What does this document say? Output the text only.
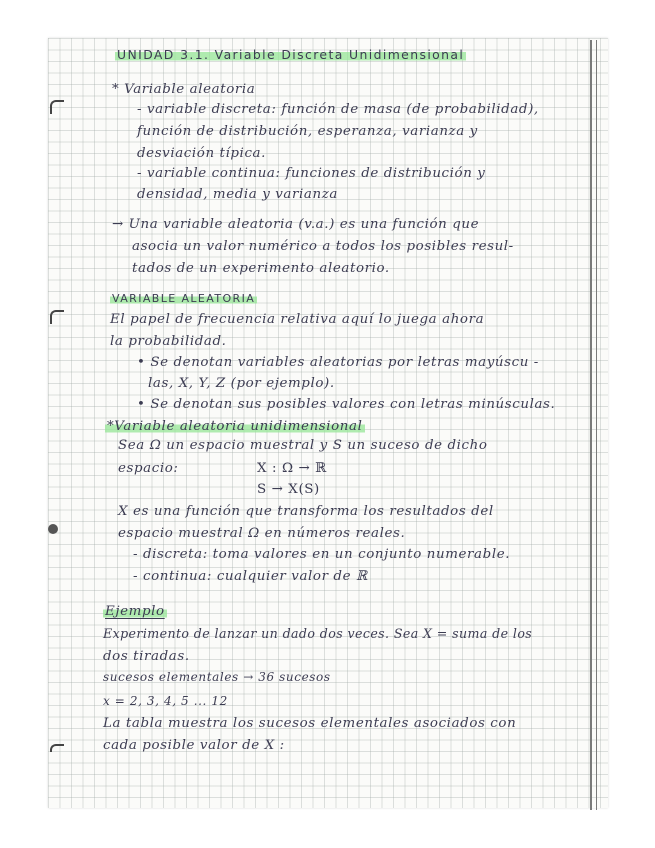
UNIDAD 3.1. Variable Discreta Unidimensional
* Variable aleatoria
- variable discreta: función de masa (de probabilidad),
función de distribución, esperanza, varianza y
desviación típica.
- variable continua: funciones de distribución y
densidad, media y varianza
→ Una variable aleatoria (v.a.) es una función que
asocia un valor numérico a todos los posibles resul-
tados de un experimento aleatorio.
VARIABLE ALEATORIA
El papel de frecuencia relativa aquí lo juega ahora
la probabilidad.
• Se denotan variables aleatorias por letras mayúscu -
las, X, Y, Z (por ejemplo).
• Se denotan sus posibles valores con letras minúsculas.
*Variable aleatoria unidimensional
Sea Ω un espacio muestral y S un suceso de dicho
espacio:	X : Ω → ℝ
S → X(S)
X es una función que transforma los resultados del
espacio muestral Ω en números reales.
- discreta: toma valores en un conjunto numerable.
- continua: cualquier valor de ℝ
Ejemplo
Experimento de lanzar un dado dos veces. Sea X = suma de los
dos tiradas.
sucesos elementales → 36 sucesos
x = 2, 3, 4, 5 ... 12
La tabla muestra los sucesos elementales asociados con
cada posible valor de X :
